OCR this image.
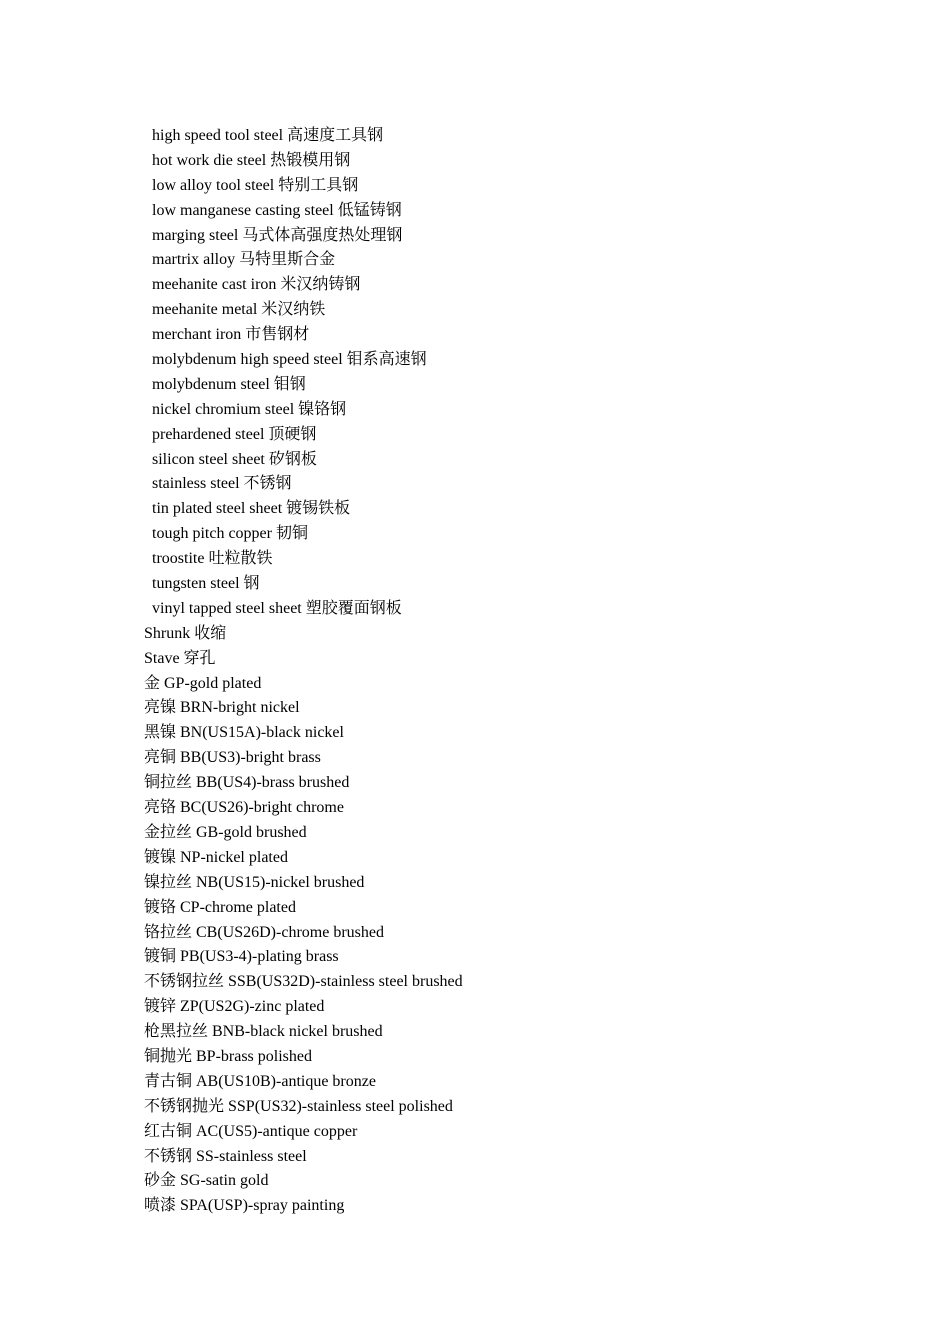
high speed tool steel 高速度工具钢
hot work die steel 热锻模用钢
low alloy tool steel 特别工具钢
low manganese casting steel 低锰铸钢
marging steel 马式体高强度热处理钢
martrix alloy 马特里斯合金
meehanite cast iron 米汉纳铸钢
meehanite metal 米汉纳铁
merchant iron 市售钢材
molybdenum high speed steel 钼系高速钢
molybdenum steel 钼钢
nickel chromium steel 镍铬钢
prehardened steel 顶硬钢
silicon steel sheet 矽钢板
stainless steel 不锈钢
tin plated steel sheet 镀锡铁板
tough pitch copper 韧铜
troostite 吐粒散铁
tungsten steel 钢
vinyl tapped steel sheet 塑胶覆面钢板
Shrunk 收缩
Stave 穿孔
金 GP-gold plated
亮镍 BRN-bright nickel
黑镍 BN(US15A)-black nickel
亮铜 BB(US3)-bright brass
铜拉丝 BB(US4)-brass brushed
亮铬 BC(US26)-bright chrome
金拉丝 GB-gold brushed
镀镍 NP-nickel plated
镍拉丝 NB(US15)-nickel brushed
镀铬 CP-chrome plated
铬拉丝 CB(US26D)-chrome brushed
镀铜 PB(US3-4)-plating brass
不锈钢拉丝 SSB(US32D)-stainless steel brushed
镀锌 ZP(US2G)-zinc plated
枪黑拉丝 BNB-black nickel brushed
铜抛光 BP-brass polished
青古铜 AB(US10B)-antique bronze
不锈钢抛光 SSP(US32)-stainless steel polished
红古铜 AC(US5)-antique copper
不锈钢 SS-stainless steel
砂金 SG-satin gold
喷漆 SPA(USP)-spray painting
